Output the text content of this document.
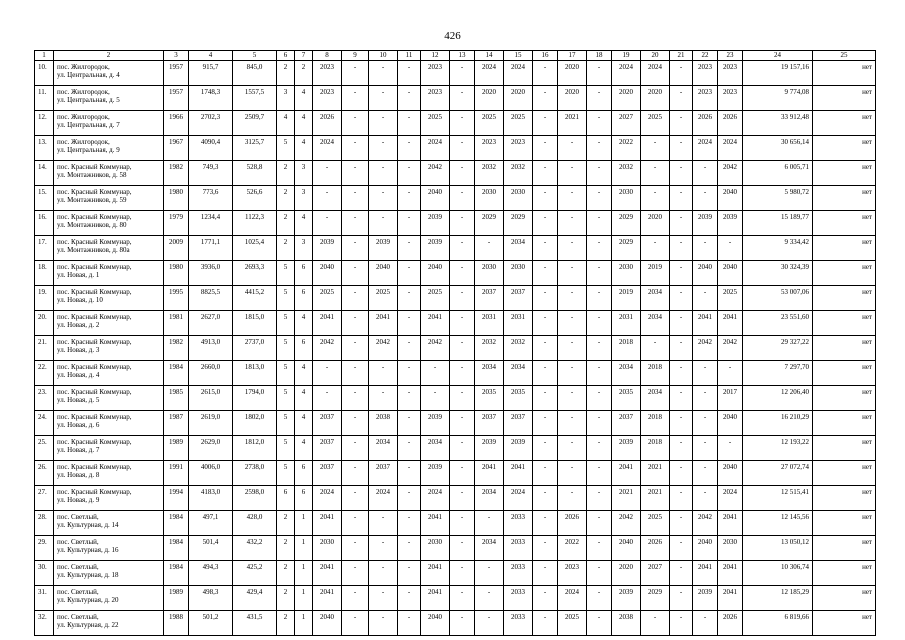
426
1	2	3	4	5	6	7	8	9	10	11	12	13	14	15	16	17	18	19	20	21	22	23	24	25
10.	пос. Жилгородок,
ул. Центральная, д. 4	1957	915,7	845,0	2	2	2023	-	-	-	2023	-	2024	2024	-	2020	-	2024	2024	-	2023	2023	19 157,16	нет
11.	пос. Жилгородок,
ул. Центральная, д. 5	1957	1748,3	1557,5	3	4	2023	-	-	-	2023	-	2020	2020	-	2020	-	2020	2020	-	2023	2023	9 774,08	нет
12.	пос. Жилгородок,
ул. Центральная, д. 7	1966	2702,3	2509,7	4	4	2026	-	-	-	2025	-	2025	2025	-	2021	-	2027	2025	-	2026	2026	33 912,48	нет
13.	пос. Жилгородок,
ул. Центральная, д. 9	1967	4090,4	3125,7	5	4	2024	-	-	-	2024	-	2023	2023	-	-	-	2022	-	-	2024	2024	30 656,14	нет
14.	пос. Красный Коммунар,
ул. Монтажников, д. 58	1982	749,3	528,8	2	3	-	-	-	-	2042	-	2032	2032	-	-	-	2032	-	-	-	2042	6 005,71	нет
15.	пос. Красный Коммунар,
ул. Монтажников, д. 59	1980	773,6	526,6	2	3	-	-	-	-	2040	-	2030	2030	-	-	-	2030	-	-	-	2040	5 980,72	нет
16.	пос. Красный Коммунар,
ул. Монтажников, д. 80	1979	1234,4	1122,3	2	4	-	-	-	-	2039	-	2029	2029	-	-	-	2029	2020	-	2039	2039	15 189,77	нет
17.	пос. Красный Коммунар,
ул. Монтажников, д. 80а	2009	1771,1	1025,4	2	3	2039	-	2039	-	2039	-	-	2034	-	-	-	2029	-	-	-	-	9 334,42	нет
18.	пос. Красный Коммунар,
ул. Новая, д. 1	1980	3936,0	2693,3	5	6	2040	-	2040	-	2040	-	2030	2030	-	-	-	2030	2019	-	2040	2040	30 324,39	нет
19.	пос. Красный Коммунар,
ул. Новая, д. 10	1995	8825,5	4415,2	5	6	2025	-	2025	-	2025	-	2037	2037	-	-	-	2019	2034	-	-	2025	53 007,06	нет
20.	пос. Красный Коммунар,
ул. Новая, д. 2	1981	2627,0	1815,0	5	4	2041	-	2041	-	2041	-	2031	2031	-	-	-	2031	2034	-	2041	2041	23 551,60	нет
21.	пос. Красный Коммунар,
ул. Новая, д. 3	1982	4913,0	2737,0	5	6	2042	-	2042	-	2042	-	2032	2032	-	-	-	2018	-	-	2042	2042	29 327,22	нет
22.	пос. Красный Коммунар,
ул. Новая, д. 4	1984	2660,0	1813,0	5	4	-	-	-	-	-	-	2034	2034	-	-	-	2034	2018	-	-	-	7 297,70	нет
23.	пос. Красный Коммунар,
ул. Новая, д. 5	1985	2615,0	1794,0	5	4	-	-	-	-	-	-	2035	2035	-	-	-	2035	2034	-	-	2017	12 206,40	нет
24.	пос. Красный Коммунар,
ул. Новая, д. 6	1987	2619,0	1802,0	5	4	2037	-	2038	-	2039	-	2037	2037	-	-	-	2037	2018	-	-	2040	16 210,29	нет
25.	пос. Красный Коммунар,
ул. Новая, д. 7	1989	2629,0	1812,0	5	4	2037	-	2034	-	2034	-	2039	2039	-	-	-	2039	2018	-	-	-	12 193,22	нет
26.	пос. Красный Коммунар,
ул. Новая, д. 8	1991	4006,0	2738,0	5	6	2037	-	2037	-	2039	-	2041	2041	-	-	-	2041	2021	-	-	2040	27 072,74	нет
27.	пос. Красный Коммунар,
ул. Новая, д. 9	1994	4183,0	2598,0	6	6	2024	-	2024	-	2024	-	2034	2024	-	-	-	2021	2021	-	-	2024	12 515,41	нет
28.	пос. Светлый,
ул. Культурная, д. 14	1984	497,1	428,0	2	1	2041	-	-	-	2041	-	-	2033	-	2026	-	2042	2025	-	2042	2041	12 145,56	нет
29.	пос. Светлый,
ул. Культурная, д. 16	1984	501,4	432,2	2	1	2030	-	-	-	2030	-	2034	2033	-	2022	-	2040	2026	-	2040	2030	13 050,12	нет
30.	пос. Светлый,
ул. Культурная, д. 18	1984	494,3	425,2	2	1	2041	-	-	-	2041	-	-	2033	-	2023	-	2020	2027	-	2041	2041	10 306,74	нет
31.	пос. Светлый,
ул. Культурная, д. 20	1989	498,3	429,4	2	1	2041	-	-	-	2041	-	-	2033	-	2024	-	2039	2029	-	2039	2041	12 185,29	нет
32.	пос. Светлый,
ул. Культурная, д. 22	1988	501,2	431,5	2	1	2040	-	-	-	2040	-	-	2033	-	2025	-	2038	-	-	-	2026	6 819,66	нет
